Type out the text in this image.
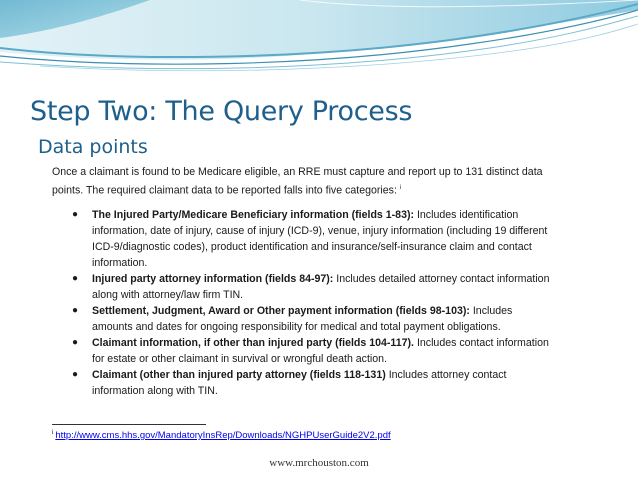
Step Two: The Query Process
Data points

Once a claimant is found to be Medicare eligible, an RRE must capture and report up to 131 distinct data
points. The required claimant data to be reported falls into five categories: $^i$

● The Injured Party/Medicare Beneficiary information (fields 1-83): Includes identification information, date of injury, cause of injury (ICD-9), venue, injury information (including 19 different ICD-9/diagnostic codes), product identification and insurance/self-insurance claim and contact information.
● Injured party attorney information (fields 84-97): Includes detailed attorney contact information along with attorney/law firm TIN.
● Settlement, Judgment, Award or Other payment information (fields 98-103): Includes amounts and dates for ongoing responsibility for medical and total payment obligations.
● Claimant information, if other than injured party (fields 104-117). Includes contact information for estate or other claimant in survival or wrongful death action.
● Claimant (other than injured party attorney (fields 118-131) Includes attorney contact information along with TIN.
$^i$ http://www.cms.hhs.gov/MandatoryInsRep/Downloads/NGHPUserGuide2V2.pdf
www.mrchouston.com
